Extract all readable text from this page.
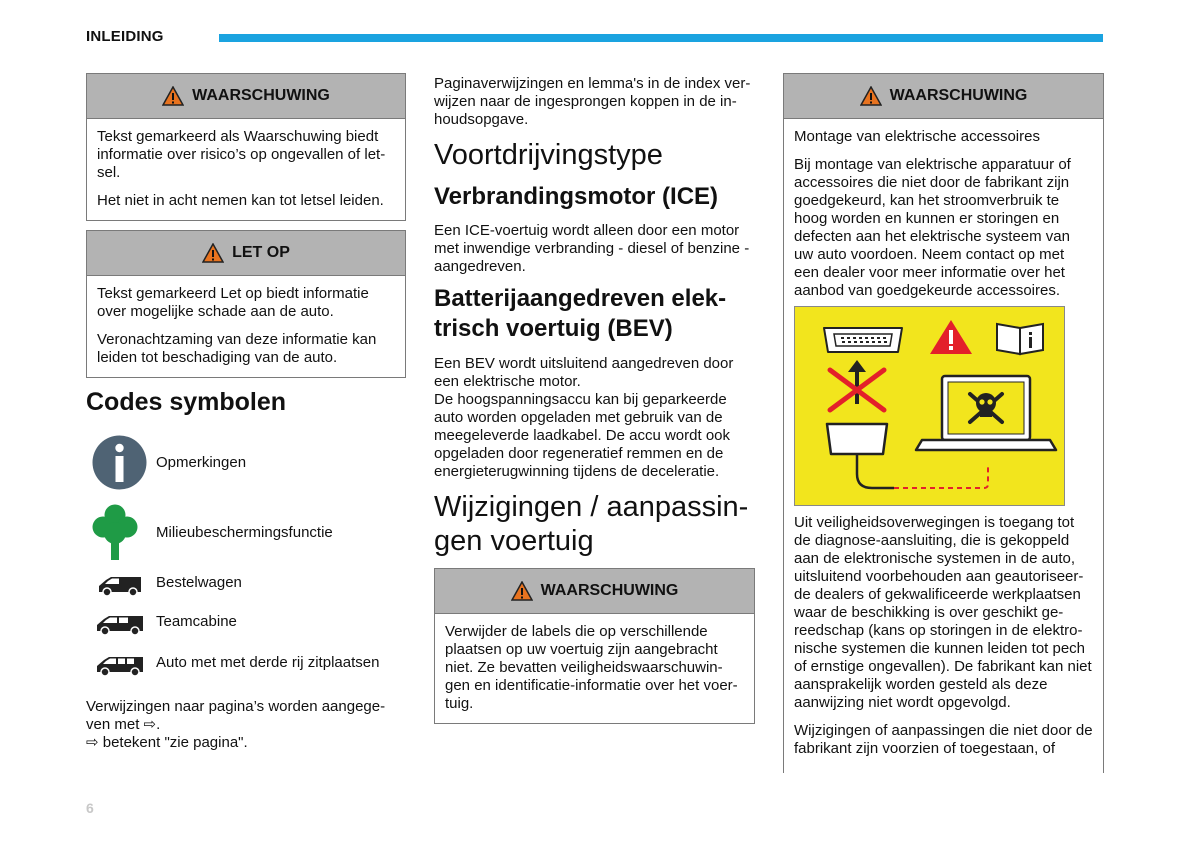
INLEIDING
WAARSCHUWING

Tekst gemarkeerd als Waarschuwing biedt informatie over risico’s op ongevallen of let-sel.

Het niet in acht nemen kan tot letsel leiden.

LET OP

Tekst gemarkeerd Let op biedt informatie over mogelijke schade aan de auto.

Veronachtzaming van deze informatie kan leiden tot beschadiging van de auto.

Codes symbolen
Opmerkingen
Milieubeschermingsfunctie
Bestelwagen
Teamcabine
Auto met met derde rij zitplaatsen

Verwijzingen naar pagina’s worden aangege-ven met ⇨.

⇨ betekent "zie pagina".

Paginaverwijzingen en lemma's in de index ver-wijzen naar de ingesprongen koppen in de in-houdsopgave.
Voortdrijvingstype
Verbrandingsmotor (ICE)
Een ICE-voertuig wordt alleen door een motor met inwendige verbranding - diesel of benzine - aangedreven.
Batterijaangedreven elek-trisch voertuig (BEV)

Een BEV wordt uitsluitend aangedreven door een elektrische motor.

De hoogspanningsaccu kan bij geparkeerde auto worden opgeladen met gebruik van de meegeleverde laadkabel. De accu wordt ook opgeladen door regeneratief remmen en de energieterugwinning tijdens de deceleratie.

Wijzigingen / aanpassin-gen voertuig
WAARSCHUWING

Verwijder de labels die op verschillende plaatsen op uw voertuig zijn aangebracht niet. Ze bevatten veiligheidswaarschuwin-gen en identificatie-informatie over het voer-tuig.

WAARSCHUWING

Montage van elektrische accessoires

Bij montage van elektrische apparatuur of accessoires die niet door de fabrikant zijn goedgekeurd, kan het stroomverbruik te hoog worden en kunnen er storingen en defecten aan het elektrische systeem van uw auto voordoen. Neem contact op met een dealer voor meer informatie over het aanbod van goedgekeurde accessoires.

Uit veiligheidsoverwegingen is toegang tot de diagnose-aansluiting, die is gekoppeld aan de elektronische systemen in de auto, uitsluitend voorbehouden aan geautoriseer-de dealers of gekwalificeerde werkplaatsen waar de beschikking is over geschikt ge-reedschap (kans op storingen in de elektro-nische systemen die kunnen leiden tot pech of ernstige ongevallen). De fabrikant kan niet aansprakelijk worden gesteld als deze aanwijzing niet wordt opgevolgd.

Wijzigingen of aanpassingen die niet door de fabrikant zijn voorzien of toegestaan, of

6
